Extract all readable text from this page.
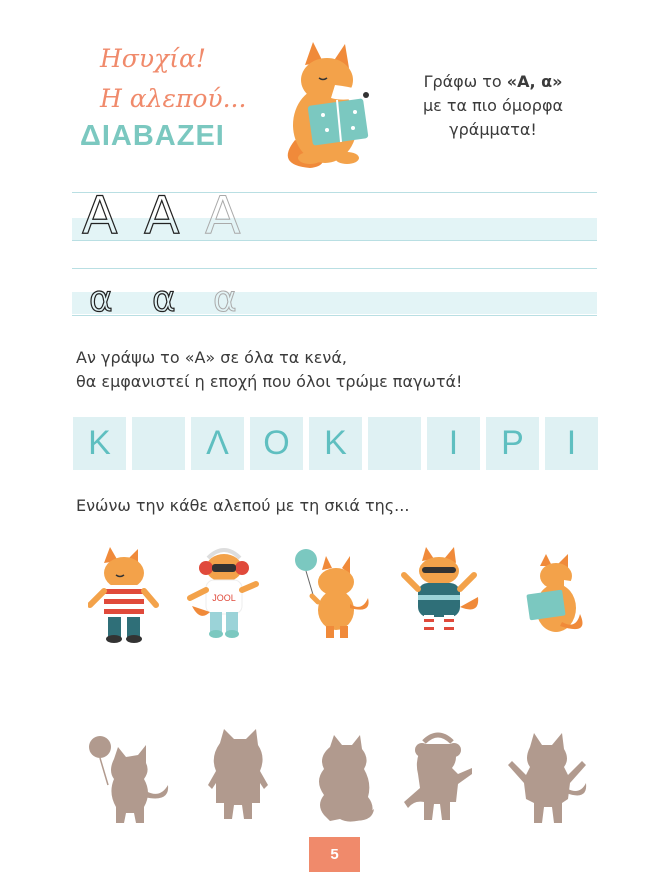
Ησυχία!
Η αλεπού...
ΔΙΑΒΑΖΕΙ
Γράφω το «Α, α»
με τα πιο όμορφα
γράμματα!
A A A
α α α
Αν γράψω το «Α» σε όλα τα κενά,
θα εμφανιστεί η εποχή που όλοι τρώμε παγωτά!
Κ	Λ	Ο	Κ	Ι	Ρ	Ι
Ενώνω την κάθε αλεπού με τη σκιά της...
JOOL
5
